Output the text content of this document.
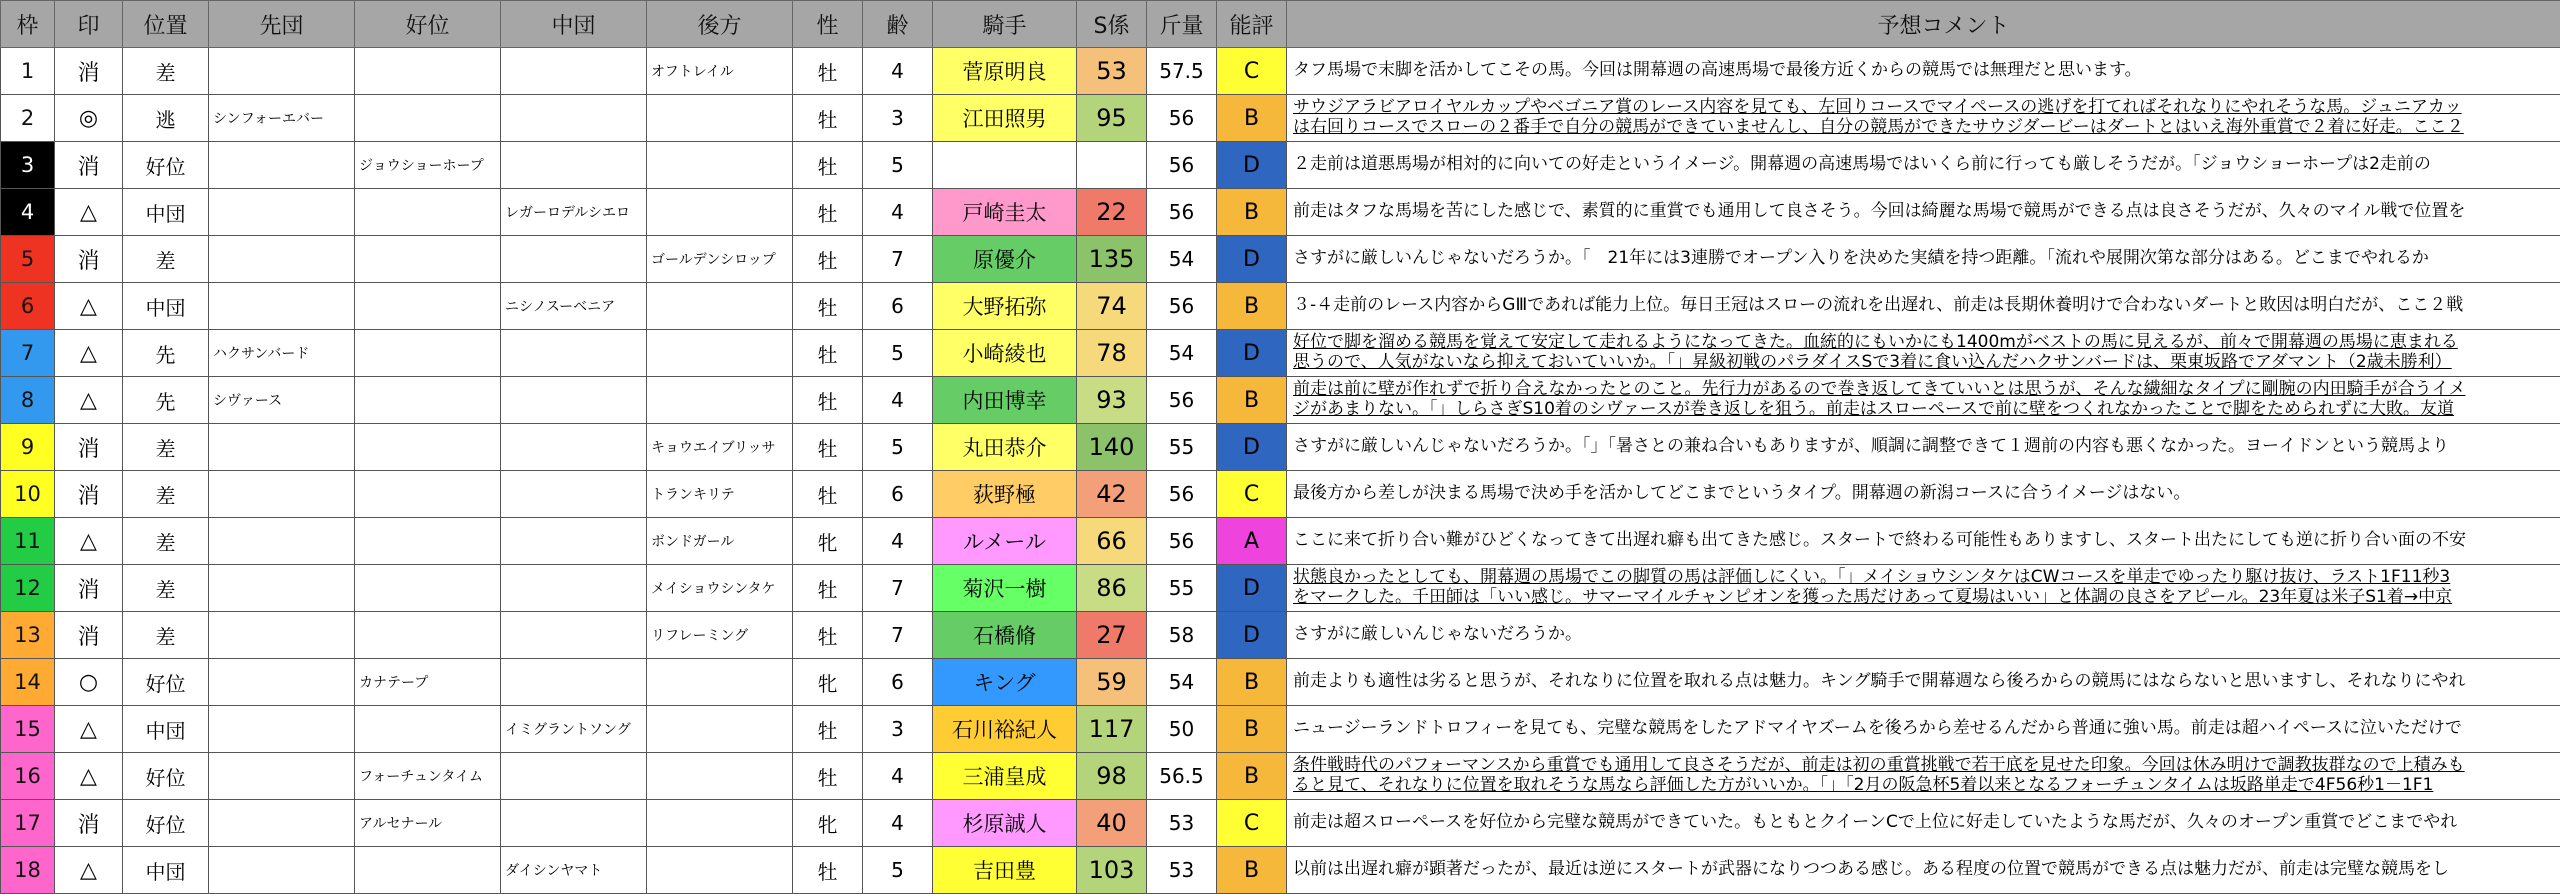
枠	印	位置	先団	好位	中団	後方	性	齢	騎手	S係	斤量	能評	予想コメント
1	消	差				オフトレイル	牡	4	菅原明良	53	57.5	C	タフ馬場で末脚を活かしてこその馬。今回は開幕週の高速馬場で最後方近くからの競馬では無理だと思います。

2	◎	逃	シンフォーエバー				牡	3	江田照男	95	56	B	サウジアラビアロイヤルカップやベゴニア賞のレース内容を見ても、左回りコースでマイペースの逃げを打てればそれなりにやれそうな馬。ジュニアカッ
は右回りコースでスローの２番手で自分の競馬ができていませんし、自分の競馬ができたサウジダービーはダートとはいえ海外重賞で２着に好走。ここ２

3	消	好位		ジョウショーホープ			牡	5			56	D	２走前は道悪馬場が相対的に向いての好走というイメージ。開幕週の高速馬場ではいくら前に行っても厳しそうだが。「ジョウショーホープは2走前の

4	△	中団			レガーロデルシエロ		牡	4	戸崎圭太	22	56	B	前走はタフな馬場を苦にした感じで、素質的に重賞でも通用して良さそう。今回は綺麗な馬場で競馬ができる点は良さそうだが、久々のマイル戦で位置を

5	消	差				ゴールデンシロップ	牡	7	原優介	135	54	D	さすがに厳しいんじゃないだろうか。「　21年には3連勝でオープン入りを決めた実績を持つ距離。「流れや展開次第な部分はある。どこまでやれるか

6	△	中団			ニシノスーベニア		牡	6	大野拓弥	74	56	B	３-４走前のレース内容からGⅢであれば能力上位。毎日王冠はスローの流れを出遅れ、前走は長期休養明けで合わないダートと敗因は明白だが、ここ２戦

7	△	先	ハクサンバード				牡	5	小崎綾也	78	54	D	好位で脚を溜める競馬を覚えて安定して走れるようになってきた。血統的にもいかにも1400mがベストの馬に見えるが、前々で開幕週の馬場に恵まれる
思うので、人気がないなら抑えておいていいか。「」昇級初戦のパラダイスSで3着に食い込んだハクサンバードは、栗東坂路でアダマント（2歳未勝利）

8	△	先	シヴァース				牡	4	内田博幸	93	56	B	前走は前に壁が作れずで折り合えなかったとのこと。先行力があるので巻き返してきていいとは思うが、そんな繊細なタイプに剛腕の内田騎手が合うイメ
ジがあまりない。「」しらさぎS10着のシヴァースが巻き返しを狙う。前走はスローペースで前に壁をつくれなかったことで脚をためられずに大敗。友道

9	消	差				キョウエイブリッサ	牡	5	丸田恭介	140	55	D	さすがに厳しいんじゃないだろうか。「」「暑さとの兼ね合いもありますが、順調に調整できて１週前の内容も悪くなかった。ヨーイドンという競馬より

10	消	差				トランキリテ	牡	6	荻野極	42	56	C	最後方から差しが決まる馬場で決め手を活かしてどこまでというタイプ。開幕週の新潟コースに合うイメージはない。

11	△	差				ボンドガール	牝	4	ルメール	66	56	A	ここに来て折り合い難がひどくなってきて出遅れ癖も出てきた感じ。スタートで終わる可能性もありますし、スタート出たにしても逆に折り合い面の不安

12	消	差				メイショウシンタケ	牡	7	菊沢一樹	86	55	D	状態良かったとしても、開幕週の馬場でこの脚質の馬は評価しにくい。「」メイショウシンタケはCWコースを単走でゆったり駆け抜け、ラスト1F11秒3
をマークした。千田師は「いい感じ。サマーマイルチャンピオンを獲った馬だけあって夏場はいい」と体調の良さをアピール。23年夏は米子S1着→中京

13	消	差				リフレーミング	牡	7	石橋脩	27	58	D	さすがに厳しいんじゃないだろうか。

14	○	好位		カナテープ			牝	6	キング	59	54	B	前走よりも適性は劣ると思うが、それなりに位置を取れる点は魅力。キング騎手で開幕週なら後ろからの競馬にはならないと思いますし、それなりにやれ

15	△	中団			イミグラントソング		牡	3	石川裕紀人	117	50	B	ニュージーランドトロフィーを見ても、完璧な競馬をしたアドマイヤズームを後ろから差せるんだから普通に強い馬。前走は超ハイペースに泣いただけで

16	△	好位		フォーチュンタイム			牡	4	三浦皇成	98	56.5	B	条件戦時代のパフォーマンスから重賞でも通用して良さそうだが、前走は初の重賞挑戦で若干底を見せた印象。今回は休み明けで調教抜群なので上積みも
ると見て、それなりに位置を取れそうな馬なら評価した方がいいか。「」「2月の阪急杯5着以来となるフォーチュンタイムは坂路単走で4F56秒1－1F1

17	消	好位		アルセナール			牝	4	杉原誠人	40	53	C	前走は超スローペースを好位から完璧な競馬ができていた。もともとクイーンCで上位に好走していたような馬だが、久々のオープン重賞でどこまでやれ

18	△	中団			ダイシンヤマト		牡	5	吉田豊	103	53	B	以前は出遅れ癖が顕著だったが、最近は逆にスタートが武器になりつつある感じ。ある程度の位置で競馬ができる点は魅力だが、前走は完璧な競馬をし
